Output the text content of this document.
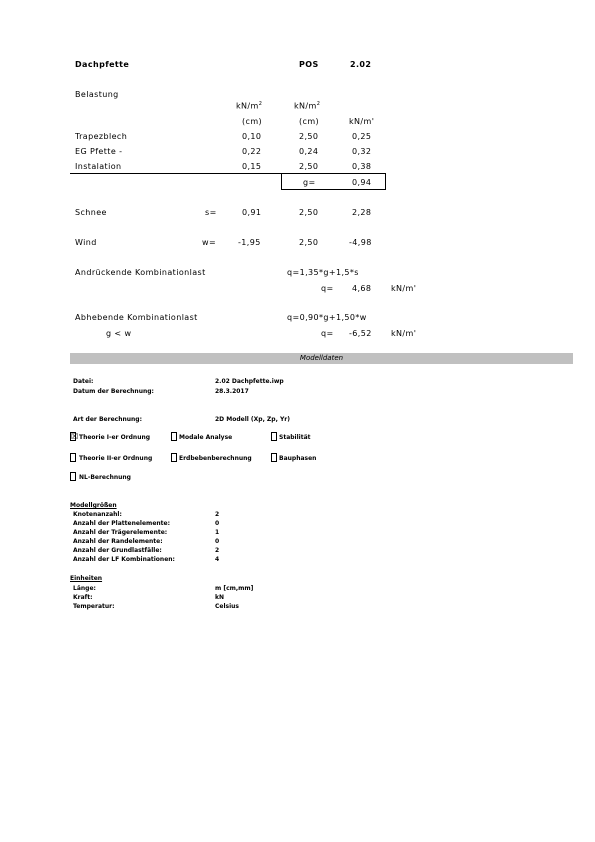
Dachpfette	POS	2.02
Belastung
$kN/m^2$	$kN/m^2$
(cm)	(cm)	kN/m'
Trapezblech	0,10	2,50	0,25
EG Pfette -	0,22	0,24	0,32
Instalation	0,15	2,50	0,38
g=	0,94
Schnee	s=	0,91	2,50	2,28
Wind	w=	-1,95	2,50	-4,98
Andrückende Kombinationlast	q=1,35*g+1,5*s
q= 4,68 kN/m'
Abhebende Kombinationlast
g < w
q=0,90*g+1,50*w
q= -6,52 kN/m'
Modelldaten
Datei:	2.02 Dachpfette.iwp
Datum der Berechnung:	28.3.2017
Art der Berechnung:	2D Modell (Xp, Zp, Yr)
☒ Theorie I-er Ordnung	Modale Analyse	Stabilität
Theorie II-er Ordnung	Erdbebenberechnung	Bauphasen
NL-Berechnung
Modellgrößen
Knotenanzahl:	2
Anzahl der Plattenelemente:	0
Anzahl der Trägerelemente:	1
Anzahl der Randelemente:	0
Anzahl der Grundlastfälle:	2
Anzahl der LF Kombinationen:	4
Einheiten
Länge:	m [cm,mm]
Kraft:	kN
Temperatur:	Celsius
